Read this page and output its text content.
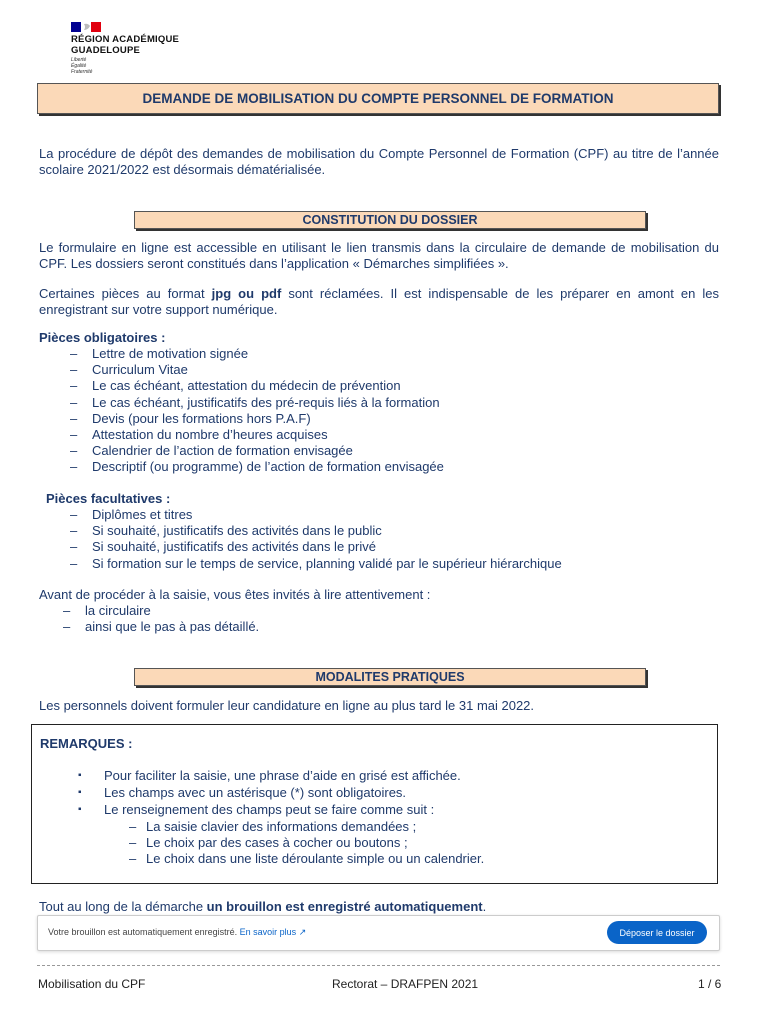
RÉGION ACADÉMIQUE
GUADELOUPE
Liberté
Égalité
Fraternité
DEMANDE DE MOBILISATION DU COMPTE PERSONNEL DE FORMATION
La procédure de dépôt des demandes de mobilisation du Compte Personnel de Formation (CPF) au titre de l’année scolaire 2021/2022 est désormais dématérialisée.
CONSTITUTION DU DOSSIER
Le formulaire en ligne est accessible en utilisant le lien transmis dans la circulaire de demande de mobilisation du CPF. Les dossiers seront constitués dans l’application « Démarches simplifiées ».
Certaines pièces au format jpg ou pdf sont réclamées. Il est indispensable de les préparer en amont en les enregistrant sur votre support numérique.
Pièces obligatoires :
– Lettre de motivation signée
– Curriculum Vitae
– Le cas échéant, attestation du médecin de prévention
– Le cas échéant, justificatifs des pré-requis liés à la formation
– Devis (pour les formations hors P.A.F)
– Attestation du nombre d’heures acquises
– Calendrier de l’action de formation envisagée
– Descriptif (ou programme) de l’action de formation envisagée
Pièces facultatives :
– Diplômes et titres
– Si souhaité, justificatifs des activités dans le public
– Si souhaité, justificatifs des activités dans le privé
– Si formation sur le temps de service, planning validé par le supérieur hiérarchique
Avant de procéder à la saisie, vous êtes invités à lire attentivement :
– la circulaire
– ainsi que le pas à pas détaillé.
MODALITES PRATIQUES
Les personnels doivent formuler leur candidature en ligne au plus tard le 31 mai 2022.
REMARQUES :
▪ Pour faciliter la saisie, une phrase d’aide en grisé est affichée.
▪ Les champs avec un astérisque (*) sont obligatoires.
▪ Le renseignement des champs peut se faire comme suit :
– La saisie clavier des informations demandées ;
– Le choix par des cases à cocher ou boutons ;
– Le choix dans une liste déroulante simple ou un calendrier.
Tout au long de la démarche un brouillon est enregistré automatiquement.
Votre brouillon est automatiquement enregistré. En savoir plus ↗	Déposer le dossier
Mobilisation du CPF	Rectorat – DRAFPEN 2021	1 / 6
